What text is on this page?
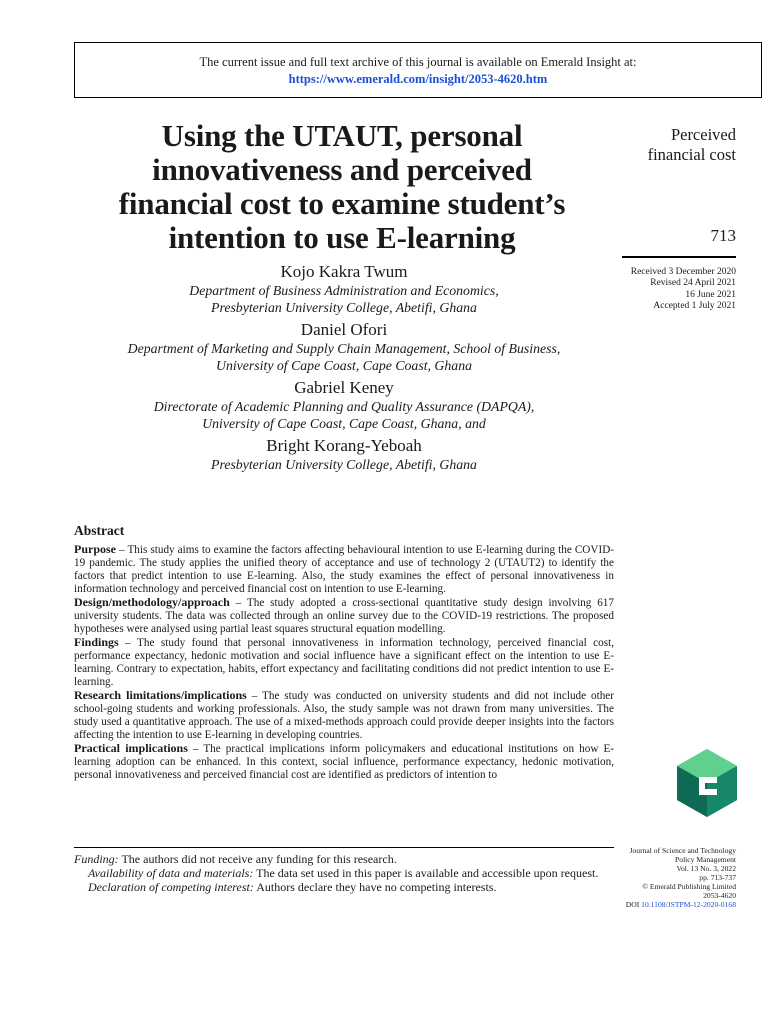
The current issue and full text archive of this journal is available on Emerald Insight at:
https://www.emerald.com/insight/2053-4620.htm
Using the UTAUT, personal
innovativeness and perceived
financial cost to examine student’s
intention to use E-learning
Perceived
financial cost
713
Received 3 December 2020
Revised 24 April 2021
16 June 2021
Accepted 1 July 2021

Kojo Kakra Twum

Department of Business Administration and Economics,
Presbyterian University College, Abetifi, Ghana

Daniel Ofori

Department of Marketing and Supply Chain Management, School of Business,
University of Cape Coast, Cape Coast, Ghana

Gabriel Keney

Directorate of Academic Planning and Quality Assurance (DAPQA),
University of Cape Coast, Cape Coast, Ghana, and

Bright Korang-Yeboah

Presbyterian University College, Abetifi, Ghana

Abstract

Purpose – This study aims to examine the factors affecting behavioural intention to use E-learning during the COVID-19 pandemic. The study applies the unified theory of acceptance and use of technology 2 (UTAUT2) to identify the factors that predict intention to use E-learning. Also, the study examines the effect of personal innovativeness in information technology and perceived financial cost on intention to use E-learning.

Design/methodology/approach – The study adopted a cross-sectional quantitative study design involving 617 university students. The data was collected through an online survey due to the COVID-19 restrictions. The proposed hypotheses were analysed using partial least squares structural equation modelling.

Findings – The study found that personal innovativeness in information technology, perceived financial cost, performance expectancy, hedonic motivation and social influence have a significant effect on the intention to use E-learning. Contrary to expectation, habits, effort expectancy and facilitating conditions did not predict intention to use E-learning.

Research limitations/implications – The study was conducted on university students and did not include other school-going students and working professionals. Also, the study sample was not drawn from many universities. The study used a quantitative approach. The use of a mixed-methods approach could provide deeper insights into the factors affecting the intention to use E-learning in developing countries.

Practical implications – The practical implications inform policymakers and educational institutions on how E-learning adoption can be enhanced. In this context, social influence, performance expectancy, hedonic motivation, personal innovativeness and perceived financial cost are identified as predictors of intention to

Funding: The authors did not receive any funding for this research.

Availability of data and materials: The data set used in this paper is available and accessible upon request.

Declaration of competing interest: Authors declare they have no competing interests.

Journal of Science and Technology
Policy Management
Vol. 13 No. 3, 2022
pp. 713-737
© Emerald Publishing Limited
2053-4620
DOI 10.1108/JSTPM-12-2020-0168
